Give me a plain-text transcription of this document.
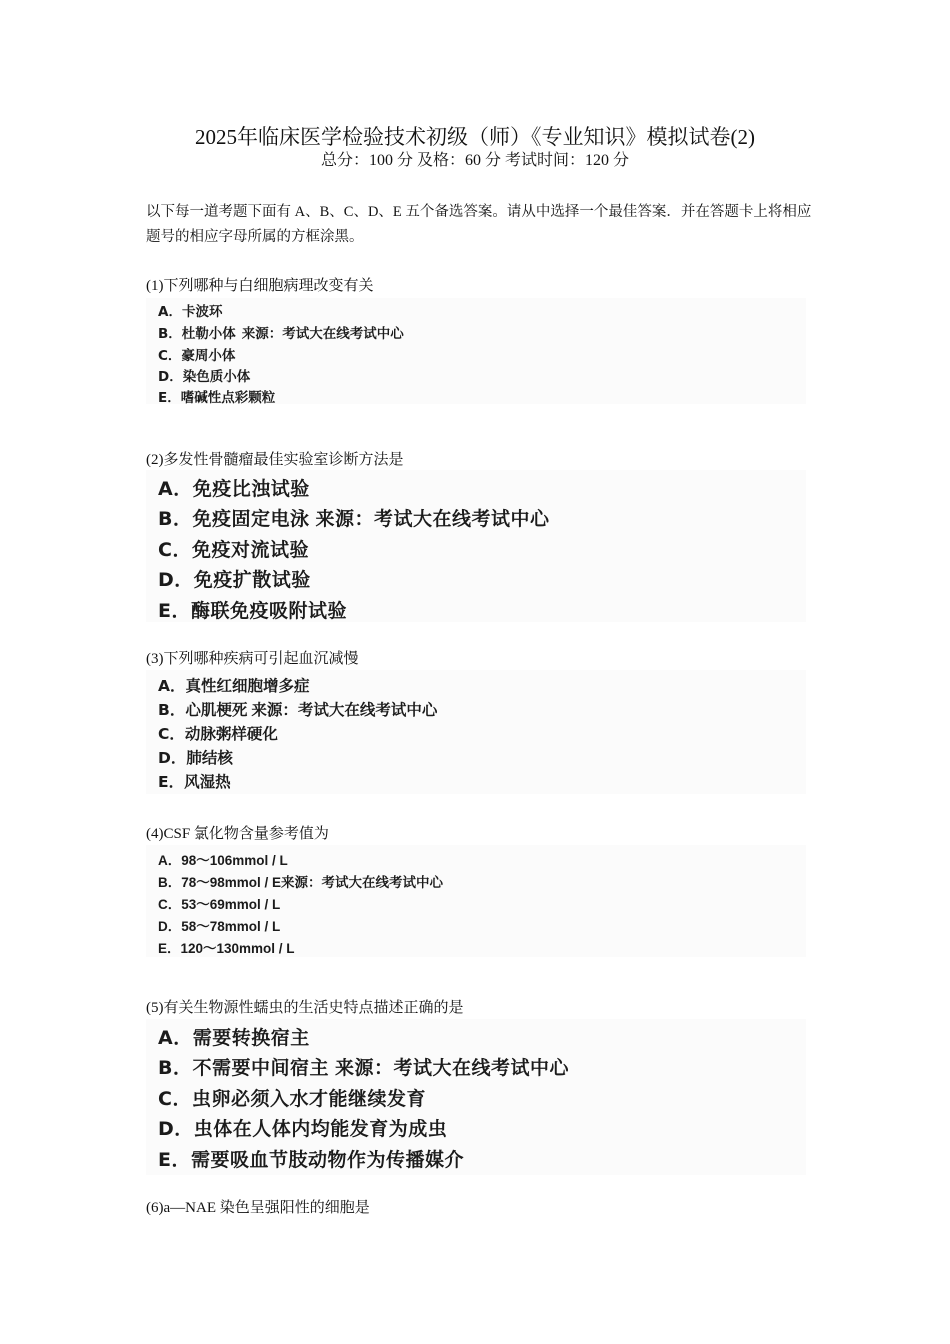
2025年临床医学检验技术初级（师）《专业知识》模拟试卷(2)
总分：100 分 及格：60 分 考试时间：120 分
以下每一道考题下面有 A、B、C、D、E 五个备选答案。请从中选择一个最佳答案．并在答题卡上将相应题号的相应字母所属的方框涂黑。
(1)下列哪种与白细胞病理改变有关
A．卡波环
B．杜勒小体 来源：考试大在线考试中心
C．豪周小体
D．染色质小体
E．嗜碱性点彩颗粒
(2)多发性骨髓瘤最佳实验室诊断方法是
A．免疫比浊试验
B．免疫固定电泳 来源：考试大在线考试中心
C．免疫对流试验
D．免疫扩散试验
E．酶联免疫吸附试验
(3)下列哪种疾病可引起血沉减慢
A．真性红细胞增多症
B．心肌梗死 来源：考试大在线考试中心
C．动脉粥样硬化
D．肺结核
E．风湿热
(4)CSF 氯化物含量参考值为
A．98～106mmol / L
B．78～98mmol / E来源：考试大在线考试中心
C．53～69mmol / L
D．58～78mmol / L
E．120～130mmol / L
(5)有关生物源性蠕虫的生活史特点描述正确的是
A．需要转换宿主
B．不需要中间宿主 来源：考试大在线考试中心
C．虫卵必须入水才能继续发育
D．虫体在人体内均能发育为成虫
E．需要吸血节肢动物作为传播媒介
(6)a—NAE 染色呈强阳性的细胞是
